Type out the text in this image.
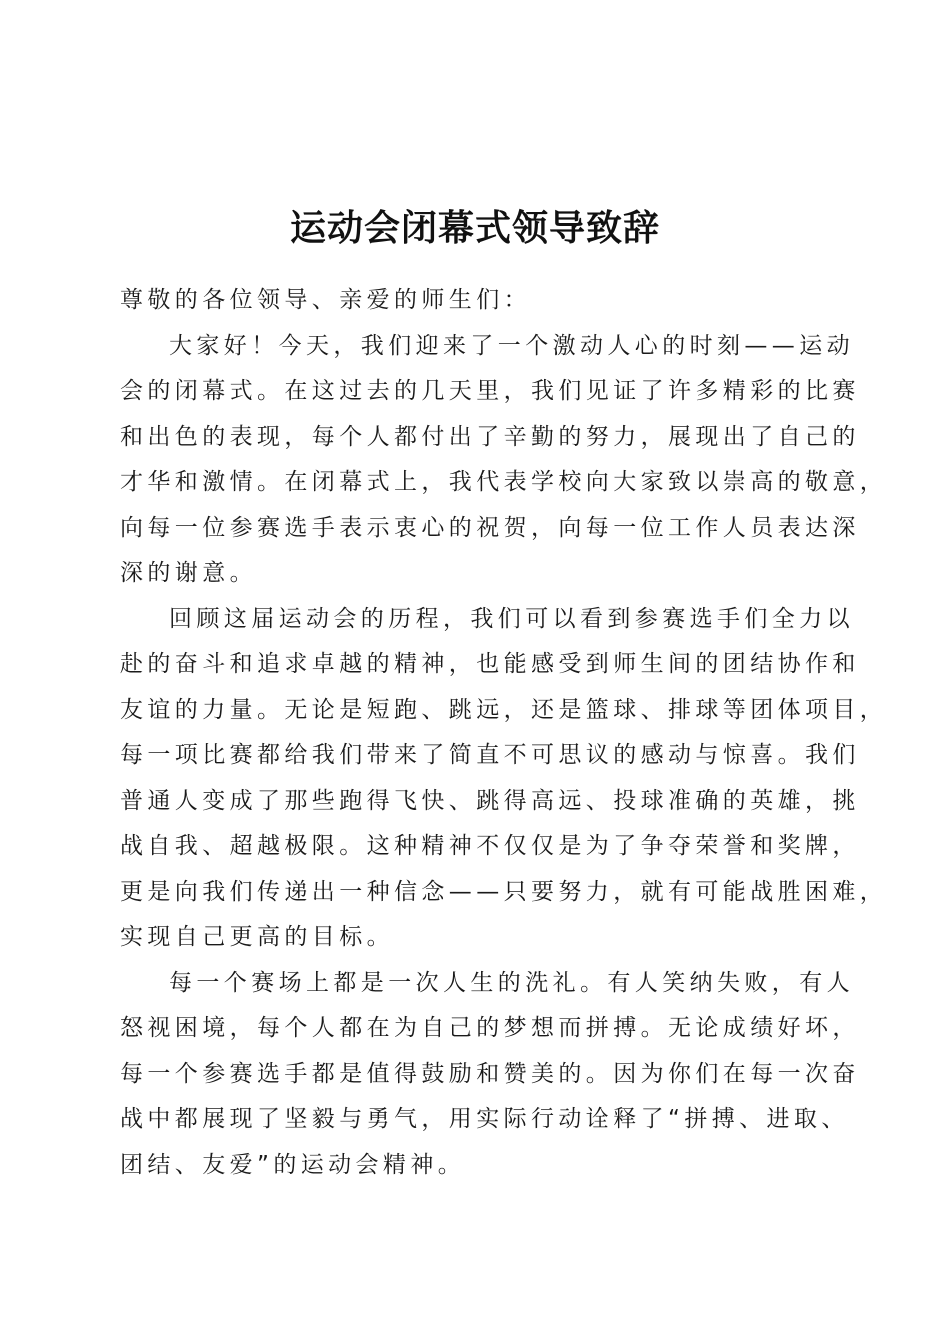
运动会闭幕式领导致辞

尊敬的各位领导、亲爱的师生们：

大家好！今天，我们迎来了一个激动人心的时刻——运动
会的闭幕式。在这过去的几天里，我们见证了许多精彩的比赛
和出色的表现，每个人都付出了辛勤的努力，展现出了自己的
才华和激情。在闭幕式上，我代表学校向大家致以崇高的敬意，
向每一位参赛选手表示衷心的祝贺，向每一位工作人员表达深
深的谢意。

回顾这届运动会的历程，我们可以看到参赛选手们全力以
赴的奋斗和追求卓越的精神，也能感受到师生间的团结协作和
友谊的力量。无论是短跑、跳远，还是篮球、排球等团体项目，
每一项比赛都给我们带来了简直不可思议的感动与惊喜。我们
普通人变成了那些跑得飞快、跳得高远、投球准确的英雄，挑
战自我、超越极限。这种精神不仅仅是为了争夺荣誉和奖牌，
更是向我们传递出一种信念——只要努力，就有可能战胜困难，
实现自己更高的目标。

每一个赛场上都是一次人生的洗礼。有人笑纳失败，有人
怒视困境，每个人都在为自己的梦想而拼搏。无论成绩好坏，
每一个参赛选手都是值得鼓励和赞美的。因为你们在每一次奋
战中都展现了坚毅与勇气，用实际行动诠释了“拼搏、进取、
团结、友爱”的运动会精神。
